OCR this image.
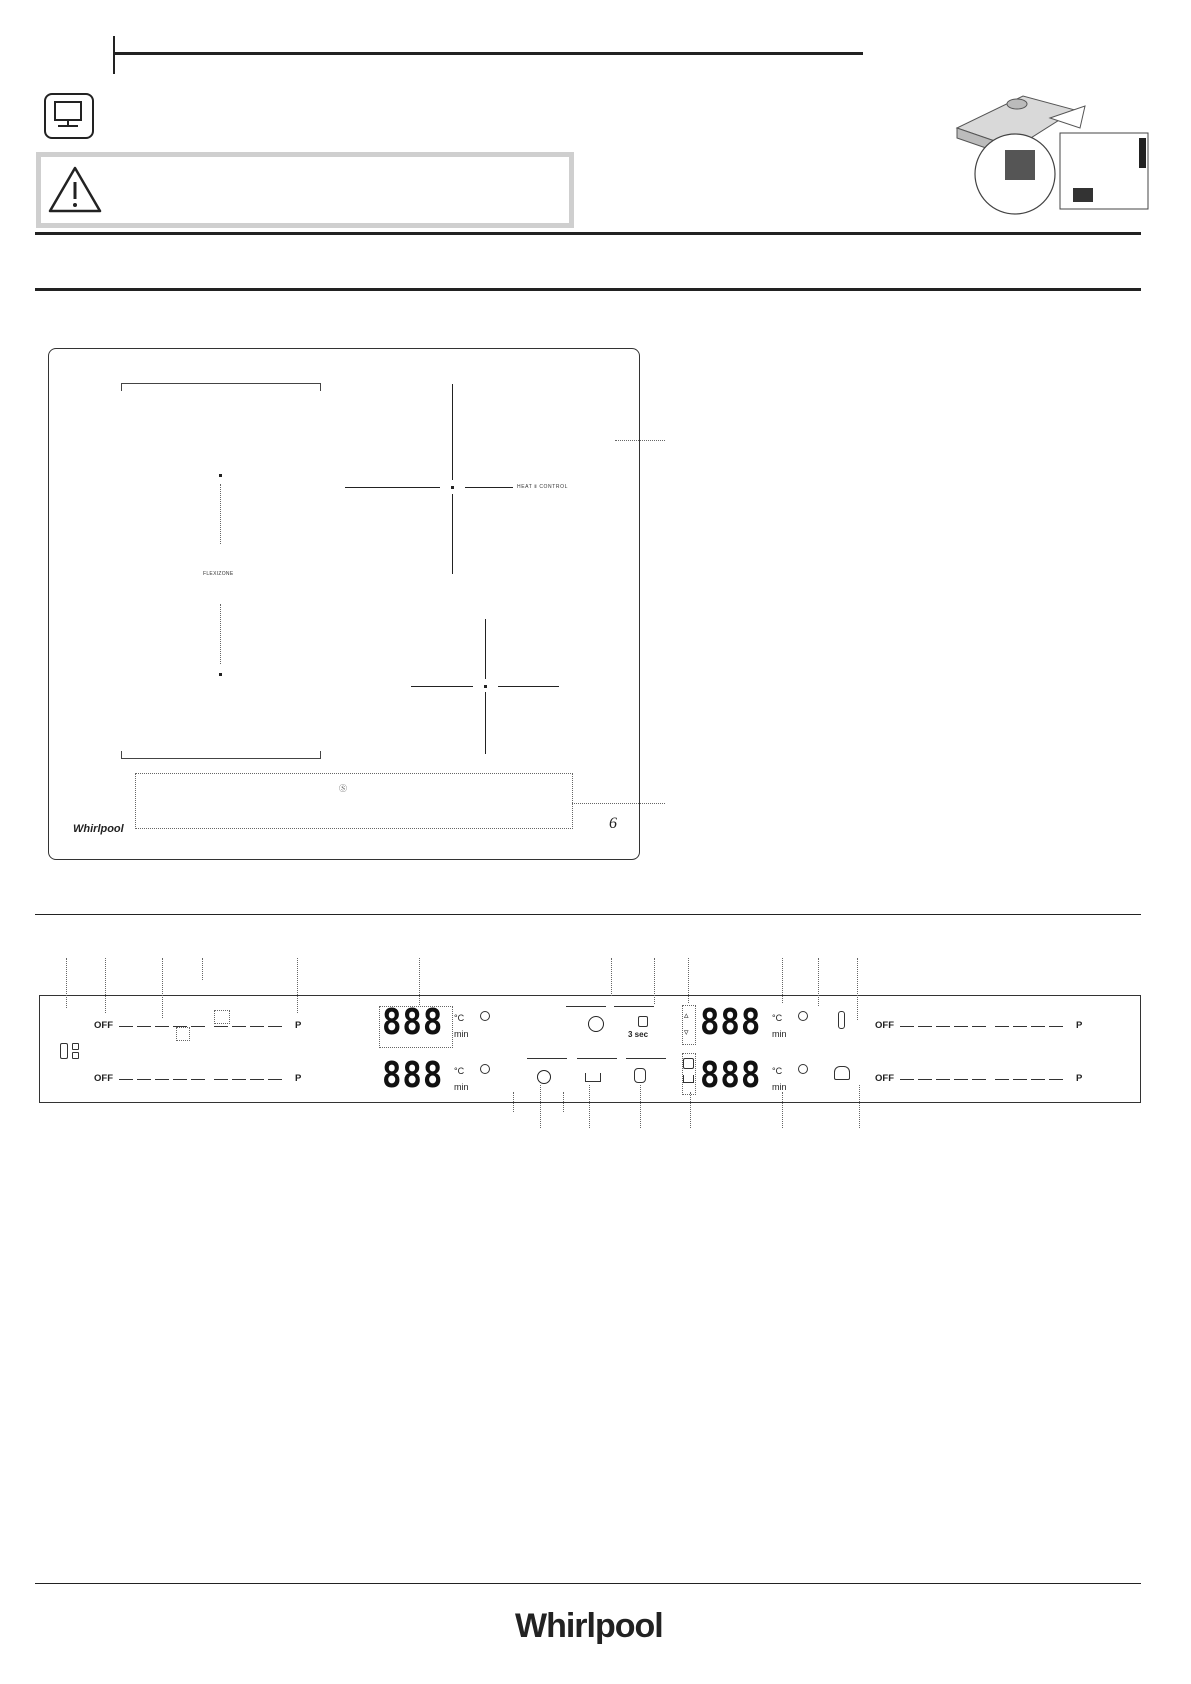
FLEXIZONE
HEAT Ⅱ CONTROL
Ⓢ
Whirlpool	6
OFF	P
OFF	P
888 °C
min
888 °C
min
3 sec
▵
▿ 888 °C
min
888 °C
min
OFF	P
OFF	P
Whirlpool
